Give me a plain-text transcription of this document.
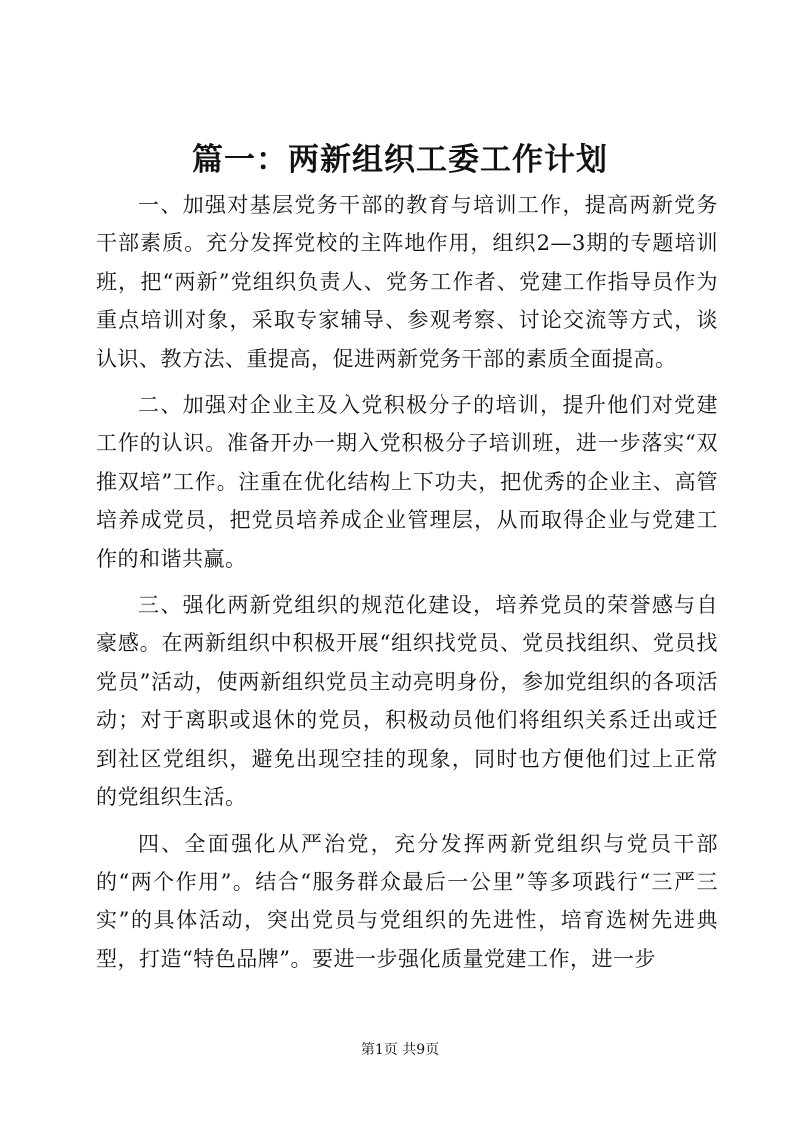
篇一：两新组织工委工作计划

一、加强对基层党务干部的教育与培训工作，提高两新党务干部素质。充分发挥党校的主阵地作用，组织2—3期的专题培训班，把“两新”党组织负责人、党务工作者、党建工作指导员作为重点培训对象，采取专家辅导、参观考察、讨论交流等方式，谈认识、教方法、重提高，促进两新党务干部的素质全面提高。

二、加强对企业主及入党积极分子的培训，提升他们对党建工作的认识。准备开办一期入党积极分子培训班，进一步落实“双推双培”工作。注重在优化结构上下功夫，把优秀的企业主、高管培养成党员，把党员培养成企业管理层，从而取得企业与党建工作的和谐共赢。

三、强化两新党组织的规范化建设，培养党员的荣誉感与自豪感。在两新组织中积极开展“组织找党员、党员找组织、党员找党员”活动，使两新组织党员主动亮明身份，参加党组织的各项活动；对于离职或退休的党员，积极动员他们将组织关系迁出或迁到社区党组织，避免出现空挂的现象，同时也方便他们过上正常的党组织生活。

四、全面强化从严治党，充分发挥两新党组织与党员干部的“两个作用”。结合“服务群众最后一公里”等多项践行“三严三实”的具体活动，突出党员与党组织的先进性，培育选树先进典型，打造“特色品牌”。要进一步强化质量党建工作，进一步

第1页 共9页
